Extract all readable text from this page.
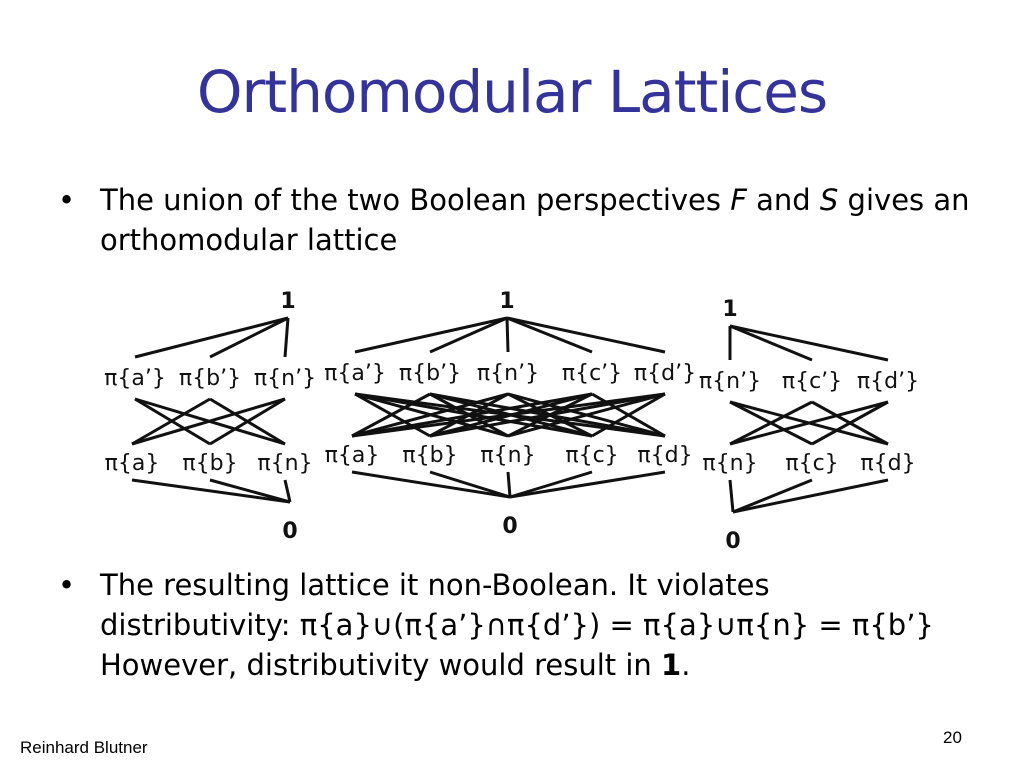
Orthomodular Lattices
• The union of the two Boolean perspectives F and S gives an orthomodular lattice
1
0
π{a’} π{b’} π{n’}
π{a} π{b} π{n}
1
0
π{a’} π{b’} π{n’} π{c’} π{d’}
π{a} π{b} π{n} π{c} π{d}
1
0
π{n’} π{c’} π{d’}
π{n} π{c} π{d}
• The resulting lattice it non-Boolean. It violates
distributivity: π{a}∪(π{a’}∩π{d’}) = π{a}∪π{n} = π{b’}
However, distributivity would result in 1.
Reinhard Blutner
20
